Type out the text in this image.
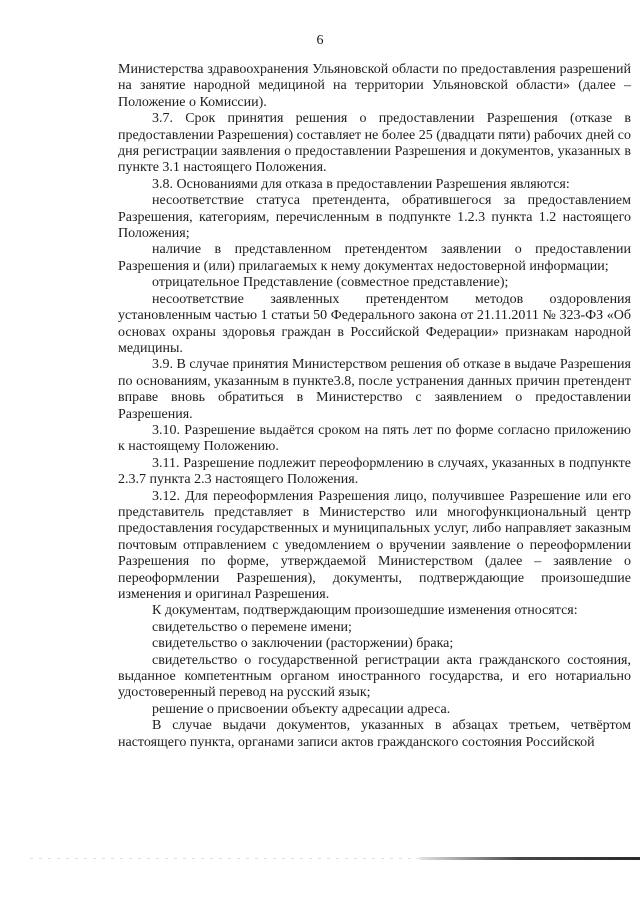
6

Министерства здравоохранения Ульяновской области по предоставления разрешений на занятие народной медициной на территории Ульяновской области» (далее – Положение о Комиссии).

3.7. Срок принятия решения о предоставлении Разрешения (отказе в предоставлении Разрешения) составляет не более 25 (двадцати пяти) рабочих дней со дня регистрации заявления о предоставлении Разрешения и документов, указанных в пункте 3.1 настоящего Положения.

3.8. Основаниями для отказа в предоставлении Разрешения являются:

несоответствие статуса претендента, обратившегося за предоставлением Разрешения, категориям, перечисленным в подпункте 1.2.3 пункта 1.2 настоящего Положения;

наличие в представленном претендентом заявлении о предоставлении Разрешения и (или) прилагаемых к нему документах недостоверной информации;

отрицательное Представление (совместное представление);

несоответствие заявленных претендентом методов оздоровления установленным частью 1 статьи 50 Федерального закона от 21.11.2011 № 323-ФЗ «Об основах охраны здоровья граждан в Российской Федерации» признакам народной медицины.

3.9. В случае принятия Министерством решения об отказе в выдаче Разрешения по основаниям, указанным в пункте3.8, после устранения данных причин претендент вправе вновь обратиться в Министерство с заявлением о предоставлении Разрешения.

3.10. Разрешение выдаётся сроком на пять лет по форме согласно приложению к настоящему Положению.

3.11. Разрешение подлежит переоформлению в случаях, указанных в подпункте 2.3.7 пункта 2.3 настоящего Положения.

3.12. Для переоформления Разрешения лицо, получившее Разрешение или его представитель представляет в Министерство или многофункциональный центр предоставления государственных и муниципальных услуг, либо направляет заказным почтовым отправлением с уведомлением о вручении заявление о переоформлении Разрешения по форме, утверждаемой Министерством (далее – заявление о переоформлении Разрешения), документы, подтверждающие произошедшие изменения и оригинал Разрешения.

К документам, подтверждающим произошедшие изменения относятся:

свидетельство о перемене имени;

свидетельство о заключении (расторжении) брака;

свидетельство о государственной регистрации акта гражданского состояния, выданное компетентным органом иностранного государства, и его нотариально удостоверенный перевод на русский язык;

решение о присвоении объекту адресации адреса.

В случае выдачи документов, указанных в абзацах третьем, четвёртом настоящего пункта, органами записи актов гражданского состояния Российской
